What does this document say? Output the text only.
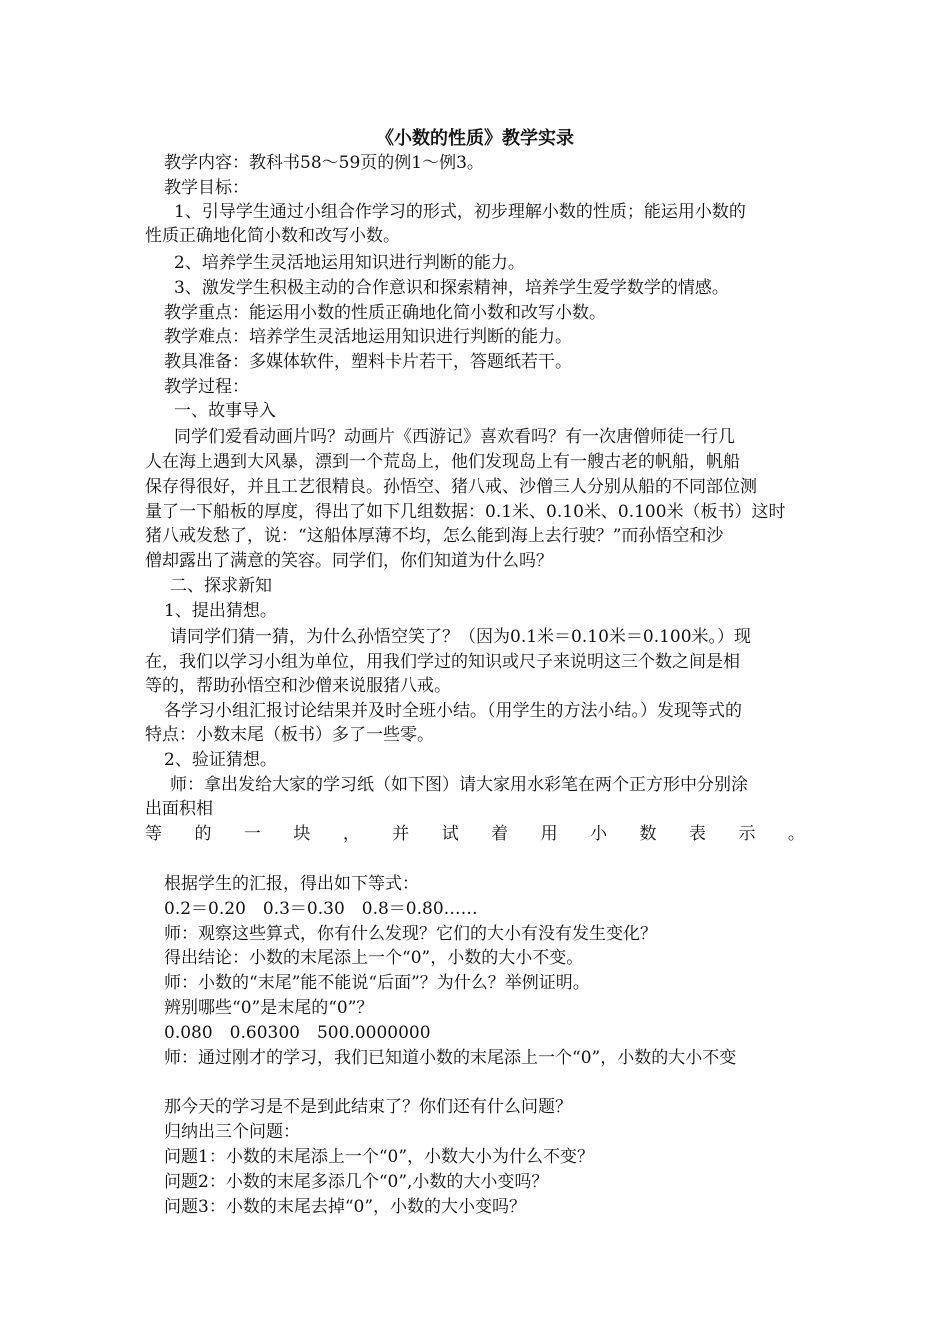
《小数的性质》教学实录
教学内容：教科书58～59页的例1～例3。
教学目标：
1、引导学生通过小组合作学习的形式，初步理解小数的性质；能运用小数的
性质正确地化简小数和改写小数。
2、培养学生灵活地运用知识进行判断的能力。
3、激发学生积极主动的合作意识和探索精神，培养学生爱学数学的情感。
教学重点：能运用小数的性质正确地化简小数和改写小数。
教学难点：培养学生灵活地运用知识进行判断的能力。
教具准备：多媒体软件，塑料卡片若干，答题纸若干。
教学过程：
一、故事导入
同学们爱看动画片吗？动画片《西游记》喜欢看吗？有一次唐僧师徒一行几
人在海上遇到大风暴，漂到一个荒岛上，他们发现岛上有一艘古老的帆船，帆船
保存得很好，并且工艺很精良。孙悟空、猪八戒、沙僧三人分别从船的不同部位测
量了一下船板的厚度，得出了如下几组数据：0.1米、0.10米、0.100米（板书）这时
猪八戒发愁了，说：“这船体厚薄不均，怎么能到海上去行驶？”而孙悟空和沙
僧却露出了满意的笑容。同学们，你们知道为什么吗？
二、探求新知
1、提出猜想。
请同学们猜一猜，为什么孙悟空笑了？（因为0.1米＝0.10米＝0.100米。）现
在，我们以学习小组为单位，用我们学过的知识或尺子来说明这三个数之间是相
等的，帮助孙悟空和沙僧来说服猪八戒。
各学习小组汇报讨论结果并及时全班小结。（用学生的方法小结。）发现等式的
特点：小数末尾（板书）多了一些零。
2、验证猜想。
师：拿出发给大家的学习纸（如下图）请大家用水彩笔在两个正方形中分别涂
出面积相
等 的 一 块 ， 并 试 着 用 小 数 表 示 。
根据学生的汇报，得出如下等式：
0.2＝0.20　0.3＝0.30　0.8＝0.80……
师：观察这些算式，你有什么发现？它们的大小有没有发生变化？
得出结论：小数的末尾添上一个“0”，小数的大小不变。
师：小数的“末尾”能不能说“后面”？为什么？举例证明。
辨别哪些“0”是末尾的“0”？
0.080　0.60300　500.0000000
师：通过刚才的学习，我们已知道小数的末尾添上一个“0”，小数的大小不变
那今天的学习是不是到此结束了？你们还有什么问题？
归纳出三个问题：
问题1：小数的末尾添上一个“0”，小数大小为什么不变？
问题2：小数的末尾多添几个“0”,小数的大小变吗？
问题3：小数的末尾去掉“0”，小数的大小变吗？
